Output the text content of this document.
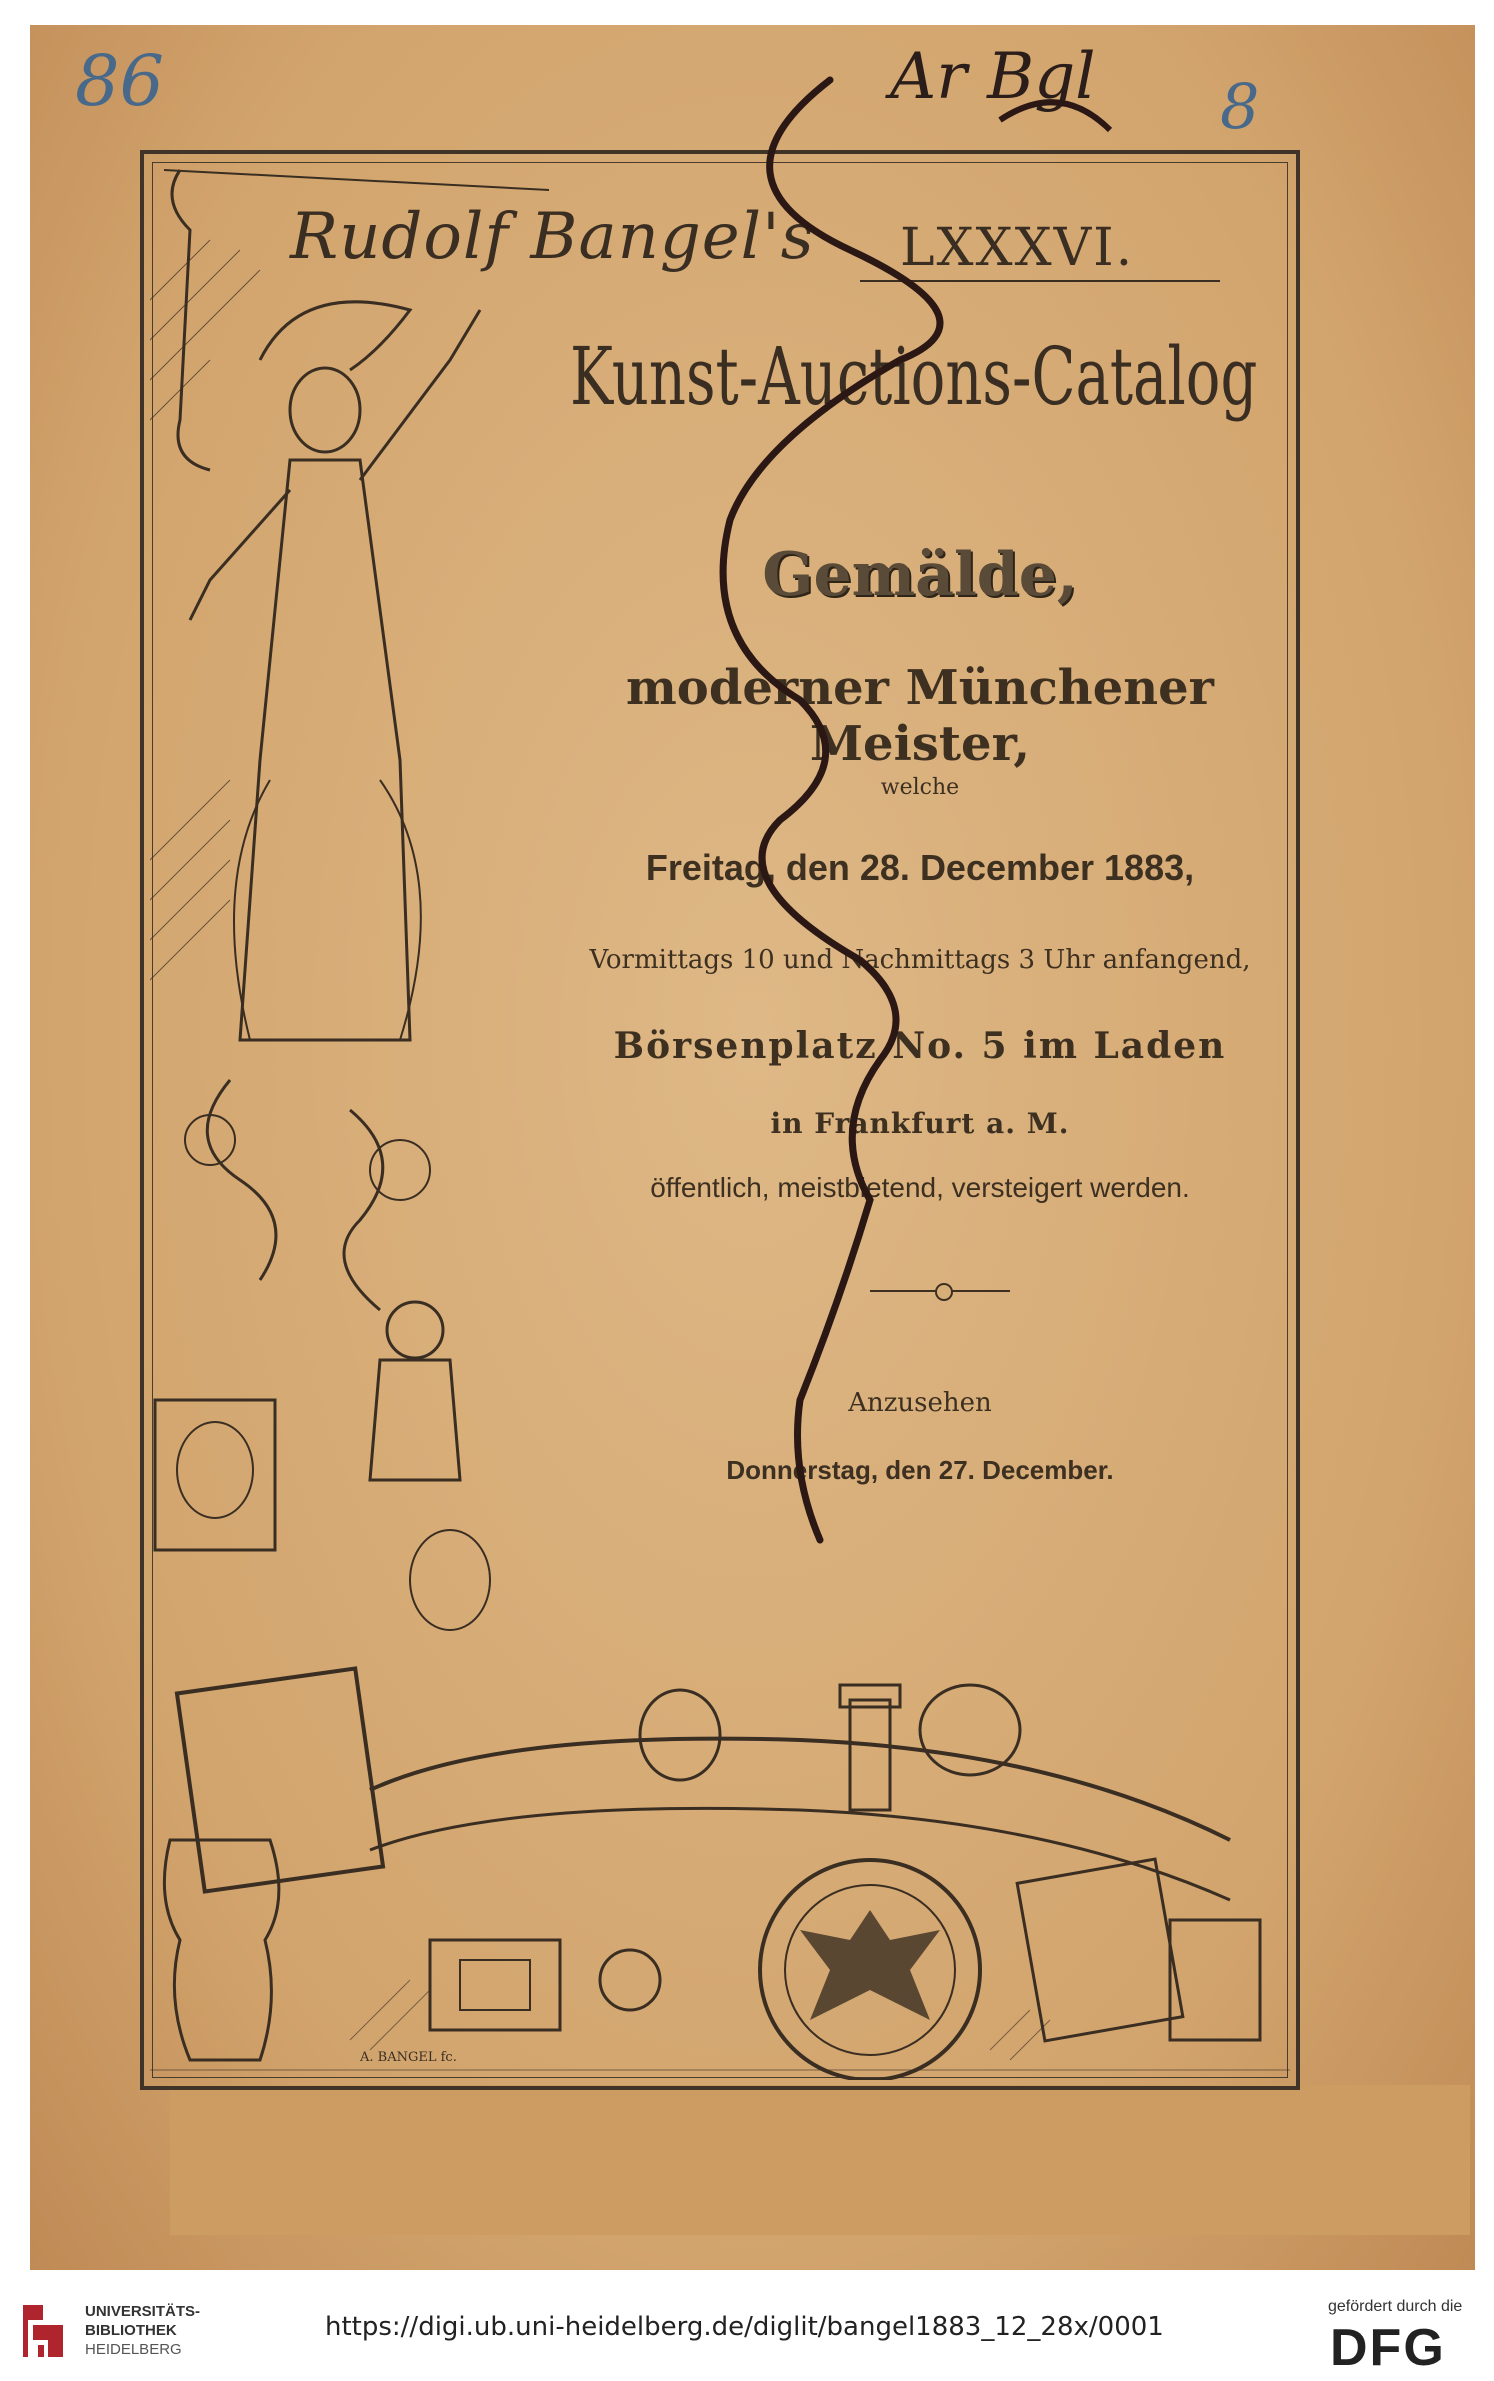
86	Ar Bgl 8
A. BANGEL fc.
Rudolf Bangel's LXXXVI.
Kunst-Auctions-Catalog
Gemälde,
moderner Münchener Meister,
welche
Freitag, den 28. December 1883,
Vormittags 10 und Nachmittags 3 Uhr anfangend,
Börsenplatz No. 5 im Laden
in Frankfurt a. M.
öffentlich, meistbietend, versteigert werden.
Anzusehen
Donnerstag, den 27. December.
UNIVERSITÄTS-
BIBLIOTHEK
HEIDELBERG
https://digi.ub.uni-heidelberg.de/diglit/bangel1883_12_28x/0001
gefördert durch die
DFG
